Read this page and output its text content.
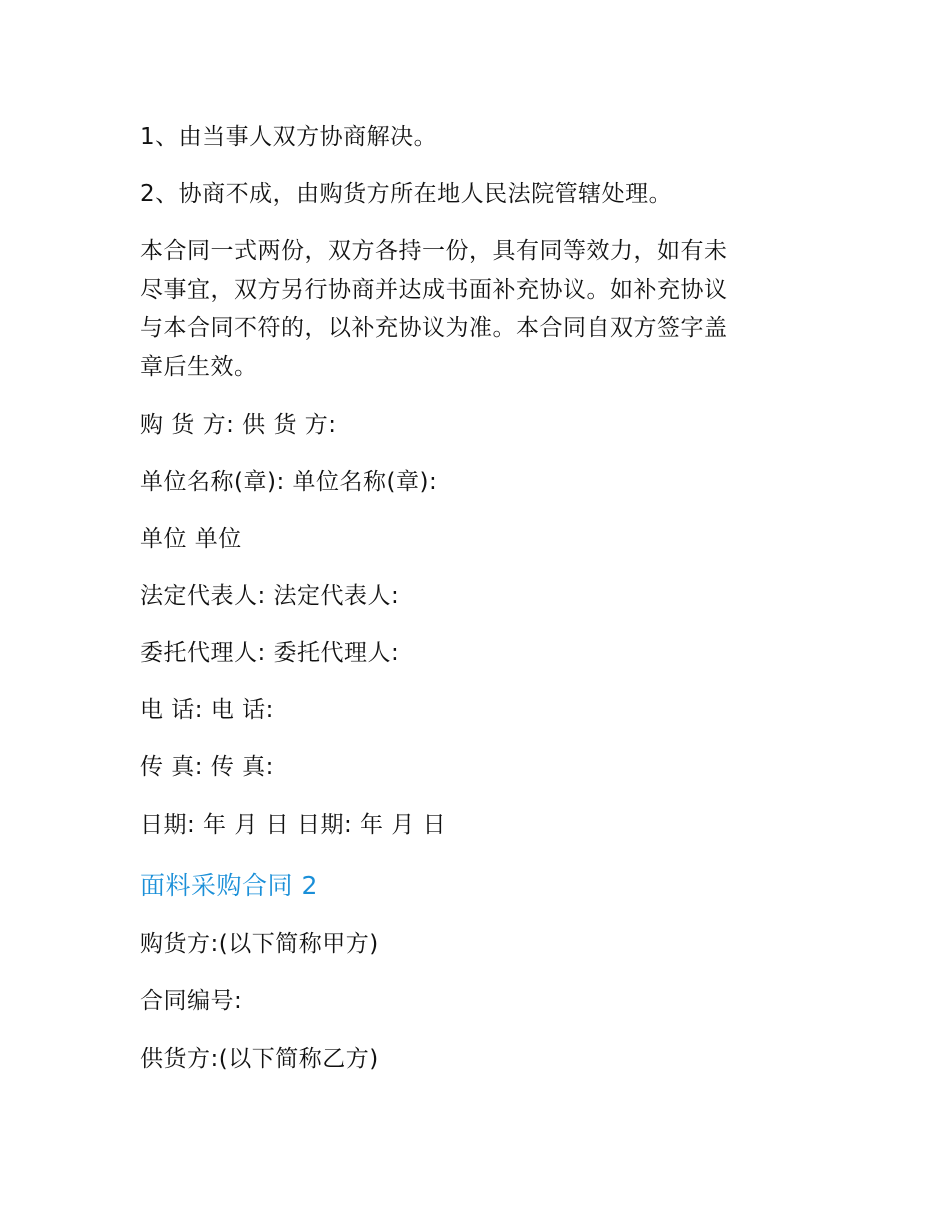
1、由当事人双方协商解决。
2、协商不成，由购货方所在地人民法院管辖处理。
本合同一式两份，双方各持一份，具有同等效力，如有未
尽事宜，双方另行协商并达成书面补充协议。如补充协议
与本合同不符的，以补充协议为准。本合同自双方签字盖
章后生效。
购 货 方: 供 货 方:
单位名称(章): 单位名称(章):
单位 单位
法定代表人: 法定代表人:
委托代理人: 委托代理人:
电 话: 电 话:
传 真: 传 真:
日期: 年 月 日 日期: 年 月 日
面料采购合同 2
购货方:(以下简称甲方)
合同编号:
供货方:(以下简称乙方)
